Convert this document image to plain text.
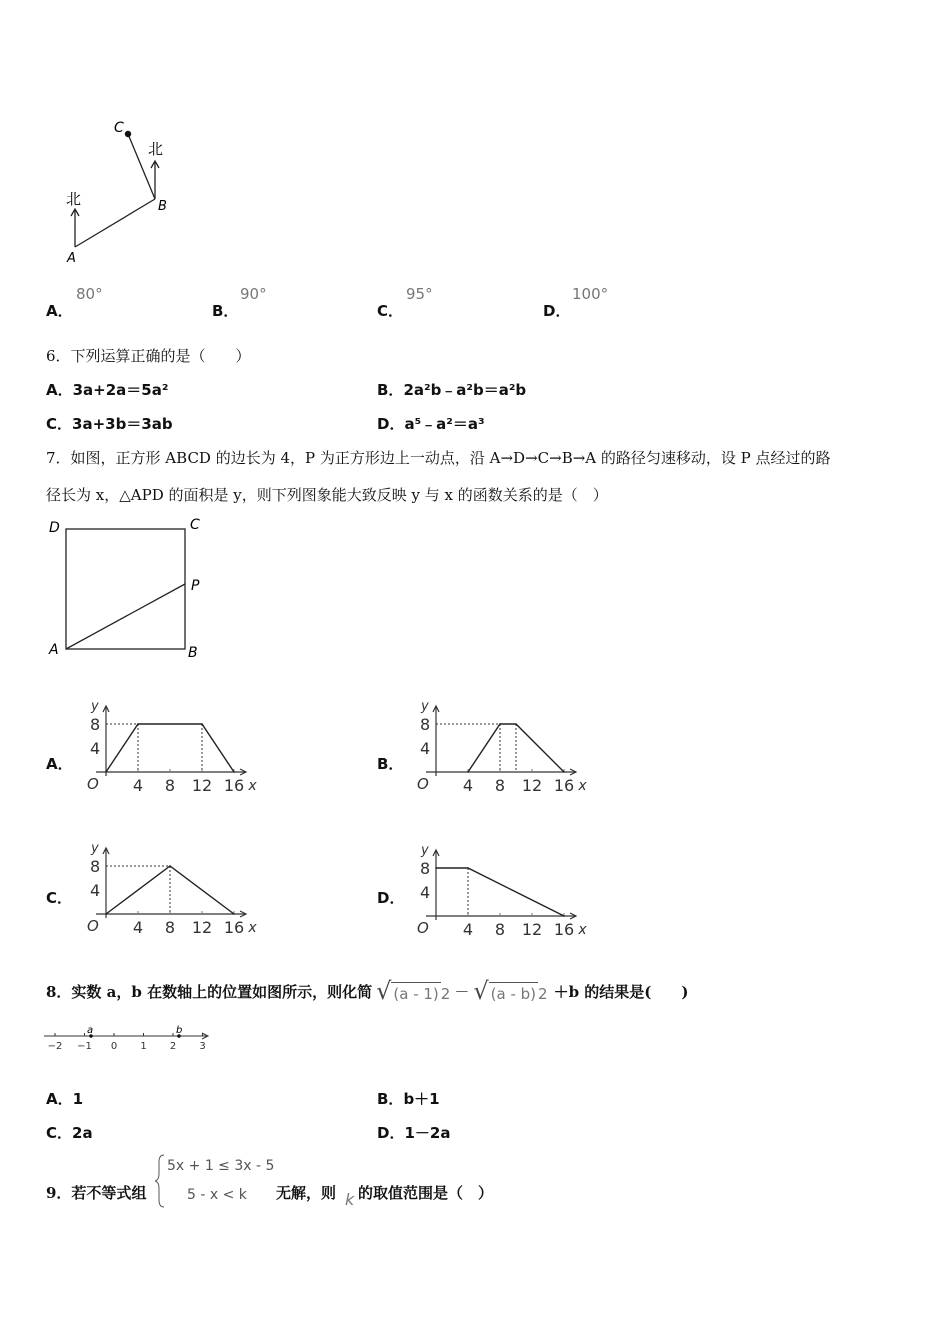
C
B
A
北
北
A．
80°
B．
90°
C．
95°
D．
100°
6．下列运算正确的是（　　）
A．3a+2a＝5a²	B．2a²b﹣a²b＝a²b
C．3a+3b＝3ab	D．a⁵﹣a²＝a³
7．如图，正方形 ABCD 的边长为 4，P 为正方形边上一动点，沿 A→D→C→B→A 的路径匀速移动，设 P 点经过的路
径长为 x，△APD 的面积是 y，则下列图象能大致反映 y 与 x 的函数关系的是（　）
D	C
P
A	B
A．	B．
C．	D．
y
x
O
8
4
4 8 12 16
y
x
O
8
4
4 8 12 16
y
x
O
8
4
4 8 12 16
y
x
O
8
4
4 8 12 16
8．实数 a，b 在数轴上的位置如图所示，则化简 √ (a - 1) 2 － √ (a - b) 2 ＋b 的结果是(　　)
−2 −1 0 1 2 3
a	b
A．1	B．b＋1
C．2a	D．1－2a
9．若不等式组
5x + 1 ≤ 3x - 5
5 - x < k 无解，则 k 的取值范围是（　）
